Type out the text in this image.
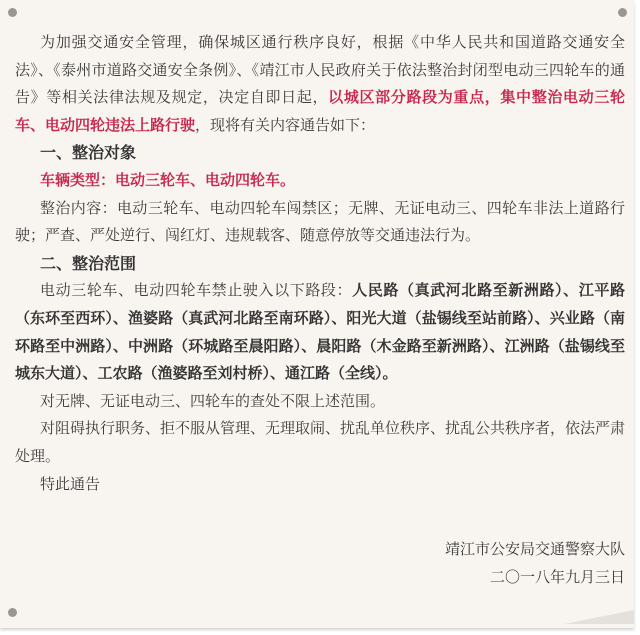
为加强交通安全管理，确保城区通行秩序良好，根据《中华人民共和国道路交通安全法》、《泰州市道路交通安全条例》、《靖江市人民政府关于依法整治封闭型电动三四轮车的通告》等相关法律法规及规定，决定自即日起，以城区部分路段为重点，集中整治电动三轮车、电动四轮违法上路行驶，现将有关内容通告如下：

一、整治对象

车辆类型：电动三轮车、电动四轮车。

整治内容：电动三轮车、电动四轮车闯禁区；无牌、无证电动三、四轮车非法上道路行驶；严查、严处逆行、闯红灯、违规载客、随意停放等交通违法行为。

二、整治范围

电动三轮车、电动四轮车禁止驶入以下路段：人民路（真武河北路至新洲路）、江平路（东环至西环）、渔婆路（真武河北路至南环路）、阳光大道（盐锡线至站前路）、兴业路（南环路至中洲路）、中洲路（环城路至晨阳路）、晨阳路（木金路至新洲路）、江洲路（盐锡线至城东大道）、工农路（渔婆路至刘村桥）、通江路（全线）。

对无牌、无证电动三、四轮车的查处不限上述范围。

对阻碍执行职务、拒不服从管理、无理取闹、扰乱单位秩序、扰乱公共秩序者，依法严肃处理。

特此通告

靖江市公安局交通警察大队

二〇一八年九月三日
